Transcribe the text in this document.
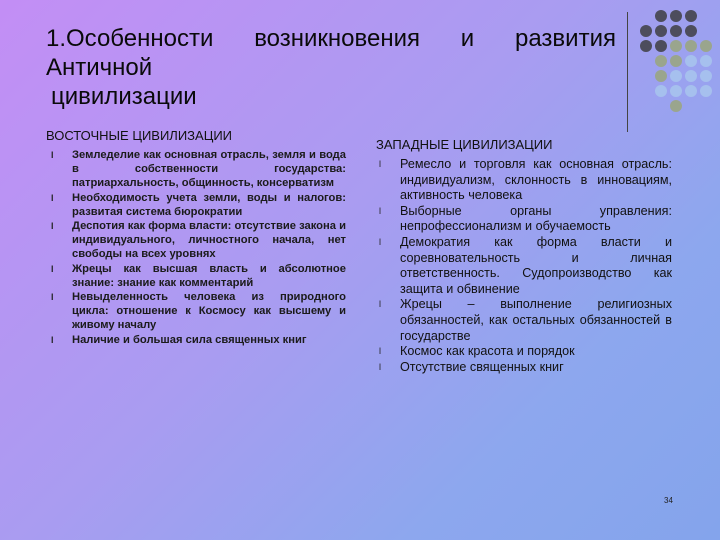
1.Особенности возникновения и развития
Античной
цивилизации
ВОСТОЧНЫЕ ЦИВИЛИЗАЦИИ
l Земледелие как основная отрасль, земля и вода в собственности государства: патриархальность, общинность, консерватизм
l Необходимость учета земли, воды и налогов: развитая система бюрократии
l Деспотия как форма власти: отсутствие закона и индивидуального, личностного начала, нет свободы на всех уровнях
l Жрецы как высшая власть и абсолютное знание: знание как комментарий
l Невыделенность человека из природного цикла: отношение к Космосу как высшему и живому началу
l Наличие и большая сила священных книг
ЗАПАДНЫЕ ЦИВИЛИЗАЦИИ
l Ремесло и торговля как основная отрасль: индивидуализм, склонность в инновациям, активность человека
l Выборные органы управления: непрофессионализм и обучаемость
l Демократия как форма власти и соревновательность и личная ответственность. Судопроизводство как защита и обвинение
l Жрецы – выполнение религиозных обязанностей, как остальных обязанностей в государстве
l Космос как красота и порядок
l Отсутствие священных книг
34
